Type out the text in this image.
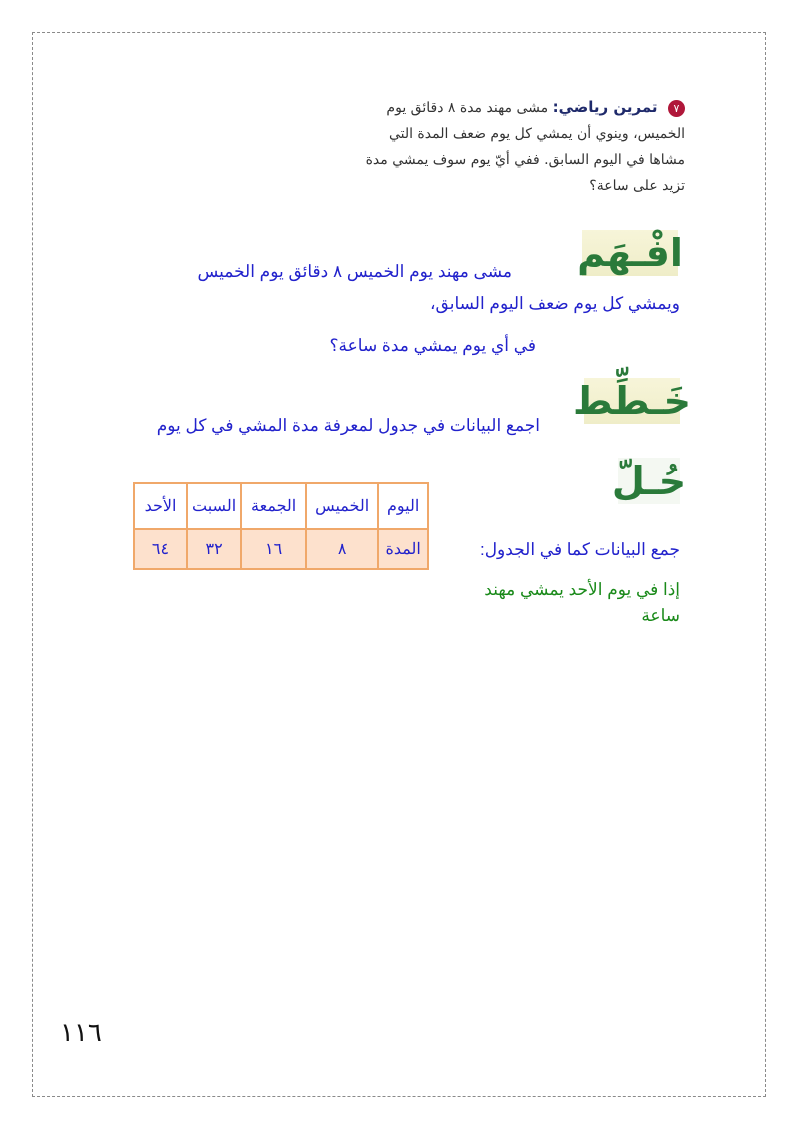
٧ تمرين رياضي: مشى مهند مدة ٨ دقائق يوم
الخميس، وينوي أن يمشي كل يوم ضعف المدة التي
مشاها في اليوم السابق. ففي أيّ يوم سوف يمشي مدة
تزيد على ساعة؟
افْـهَم
مشى مهند يوم الخميس ٨ دقائق يوم الخميس
ويمشي كل يوم ضعف اليوم السابق،
في أي يوم يمشي مدة ساعة؟
خَـطِّط
اجمع البيانات في جدول لمعرفة مدة المشي في كل يوم
حُـلّ
اليوم	الخميس	الجمعة	السبت	الأحد
المدة	٨	١٦	٣٢	٦٤	جمع البيانات كما في الجدول:
إذا في يوم الأحد يمشي مهند
ساعة
١١٦
